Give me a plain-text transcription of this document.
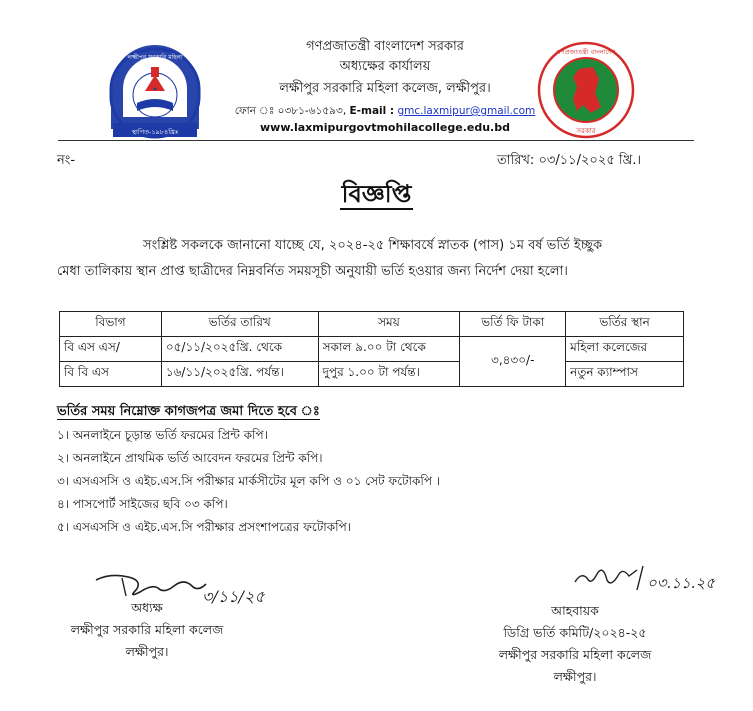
✦
স্থাপিত-১৯৮৪খ্রিঃ
লক্ষ্মীপুর সরকারি মহিলা
গণপ্রজাতন্ত্রী বাংলাদেশ
সরকার
গণপ্রজাতন্ত্রী বাংলাদেশ সরকার
অধ্যক্ষের কার্যালয়
লক্ষীপুর সরকারি মহিলা কলেজ, লক্ষীপুর।
ফোন ঃ ০৩৮১-৬১৫৯৩, E-mail : gmc.laxmipur@gmail.com
www.laxmipurgovtmohilacollege.edu.bd
নং-	তারিখ: ০৩/১১/২০২৫ খ্রি.।
বিজ্ঞপ্তি
সংশ্লিষ্ট সকলকে জানানো যাচ্ছে যে, ২০২৪-২৫ শিক্ষাবর্ষে স্নাতক (পাস) ১ম বর্ষ ভর্তি ইচ্ছুক
মেধা তালিকায় স্থান প্রাপ্ত ছাত্রীদের নিম্নবর্নিত সময়সূচী অনুযায়ী ভর্তি হওয়ার জন্য নির্দেশ দেয়া হলো।
বিভাগ	ভর্তির তারিখ	সময়	ভর্তি ফি টাকা	ভর্তির স্থান
বি এস এস/	০৫/১১/২০২৫খ্রি. থেকে	সকাল ৯.০০ টা থেকে	৩,৪৩০/-	মহিলা কলেজের
বি বি এস	১৬/১১/২০২৫খ্রি. পর্যন্ত।	দুপুর ১.০০ টা পর্যন্ত।		নতুন ক্যাম্পাস
ভর্তির সময় নিম্নোক্ত কাগজপত্র জমা দিতে হবে ঃ
১। অনলাইনে চূড়ান্ত ভর্তি ফরমের প্রিন্ট কপি।
২। অনলাইনে প্রাথমিক ভর্তি আবেদন ফরমের প্রিন্ট কপি।
৩। এসএসসি ও এইচ.এস.সি পরীক্ষার মার্কসীটের মূল কপি ও ০১ সেট ফটোকপি ।
৪। পাসপোর্ট সাইজের ছবি ০৩ কপি।
৫। এসএসসি ও এইচ.এস.সি পরীক্ষার প্রসংশাপত্রের ফটোকপি।
৩/১১/২৫
০৩.১১.২৫
অধ্যক্ষ
লক্ষীপুর সরকারি মহিলা কলেজ
লক্ষীপুর।
আহবায়ক
ডিগ্রি ভর্তি কমিটি/২০২৪-২৫
লক্ষীপুর সরকারি মহিলা কলেজ
লক্ষীপুর।
